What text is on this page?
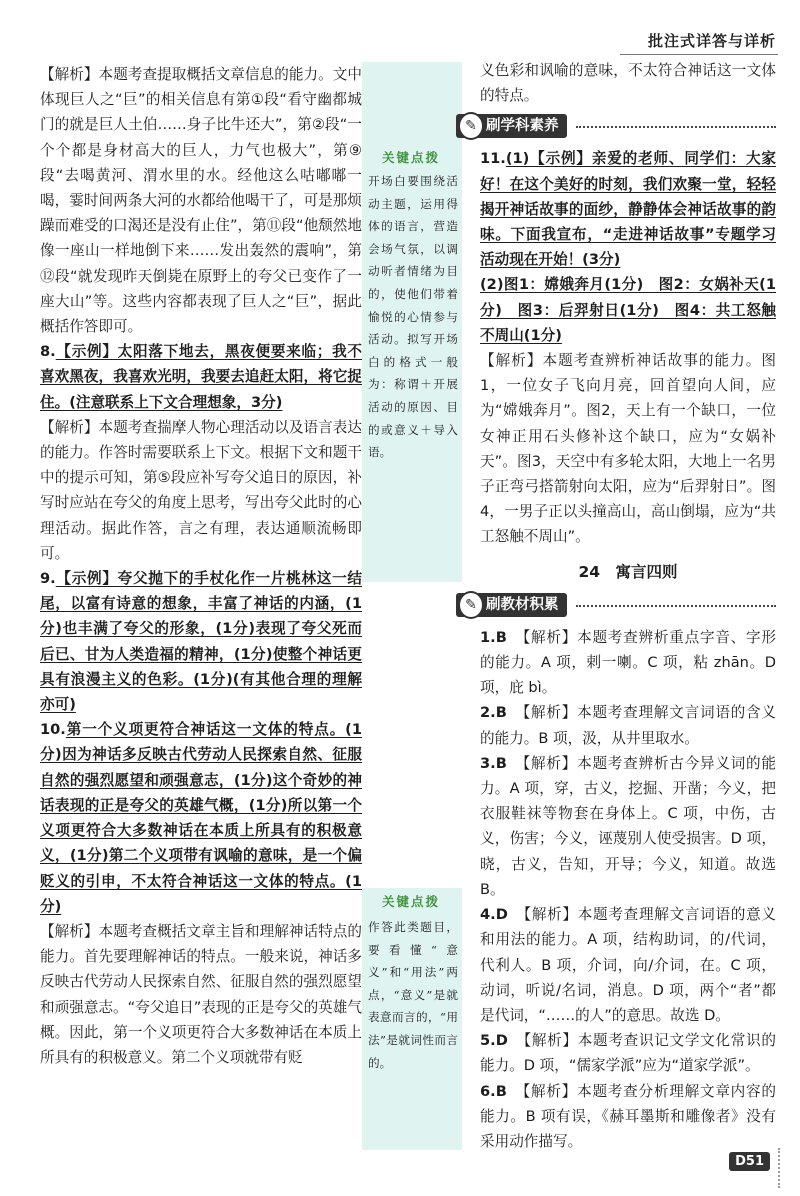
批注式详答与详析
关键点拨
开场白要围绕活动主题，运用得体的语言，营造会场气氛，以调动听者情绪为目的，使他们带着愉悦的心情参与活动。拟写开场白的格式一般为：称谓＋开展活动的原因、目的或意义＋导入语。
关键点拨
作答此类题目，要看懂“意义”和“用法”两点，“意义”是就表意而言的，“用法”是就词性而言的。

【解析】本题考查提取概括文章信息的能力。文中体现巨人之“巨”的相关信息有第①段“看守幽都城门的就是巨人土伯……身子比牛还大”，第②段“一个个都是身材高大的巨人，力气也极大”，第⑨段“去喝黄河、渭水里的水。经他这么咕嘟嘟一喝，霎时间两条大河的水都给他喝干了，可是那烦躁而难受的口渴还是没有止住”，第⑪段“他颓然地像一座山一样地倒下来……发出轰然的震响”，第⑫段“就发现昨天倒毙在原野上的夸父已变作了一座大山”等。这些内容都表现了巨人之“巨”，据此概括作答即可。

8.【示例】太阳落下地去，黑夜便要来临；我不喜欢黑夜，我喜欢光明，我要去追赶太阳，将它捉住。(注意联系上下文合理想象，3分)

【解析】本题考查揣摩人物心理活动以及语言表达的能力。作答时需要联系上下文。根据下文和题干中的提示可知，第⑤段应补写夸父追日的原因，补写时应站在夸父的角度上思考，写出夸父此时的心理活动。据此作答，言之有理，表达通顺流畅即可。

9.【示例】夸父抛下的手杖化作一片桃林这一结尾，以富有诗意的想象，丰富了神话的内涵，(1分)也丰满了夸父的形象，(1分)表现了夸父死而后已、甘为人类造福的精神，(1分)使整个神话更具有浪漫主义的色彩。(1分)(有其他合理的理解亦可)

10.第一个义项更符合神话这一文体的特点。(1分)因为神话多反映古代劳动人民探索自然、征服自然的强烈愿望和顽强意志，(1分)这个奇妙的神话表现的正是夸父的英雄气概，(1分)所以第一个义项更符合大多数神话在本质上所具有的积极意义，(1分)第二个义项带有讽喻的意味，是一个偏贬义的引申，不太符合神话这一文体的特点。(1分)

【解析】本题考查概括文章主旨和理解神话特点的能力。首先要理解神话的特点。一般来说，神话多反映古代劳动人民探索自然、征服自然的强烈愿望和顽强意志。“夸父追日”表现的正是夸父的英雄气概。因此，第一个义项更符合大多数神话在本质上所具有的积极意义。第二个义项就带有贬

义色彩和讽喻的意味，不太符合神话这一文体的特点。

刷学科素养
✎

11.(1)【示例】亲爱的老师、同学们：大家好！在这个美好的时刻，我们欢聚一堂，轻轻揭开神话故事的面纱，静静体会神话故事的韵味。下面我宣布，“走进神话故事”专题学习活动现在开始！(3分)

(2)图1：嫦娥奔月(1分)　图2：女娲补天(1分)　图3：后羿射日(1分)　图4：共工怒触不周山(1分)

【解析】本题考查辨析神话故事的能力。图1，一位女子飞向月亮，回首望向人间，应为“嫦娥奔月”。图2，天上有一个缺口，一位女神正用石头修补这个缺口，应为“女娲补天”。图3，天空中有多轮太阳，大地上一名男子正弯弓搭箭射向太阳，应为“后羿射日”。图4，一男子正以头撞高山，高山倒塌，应为“共工怒触不周山”。

24　寓言四则
刷教材积累
✎

1.B　 【解析】本题考查辨析重点字音、字形的能力。A 项，剌一喇。C 项，粘 zhān。D 项，庇 bì。

2.B　 【解析】本题考查理解文言词语的含义的能力。B 项，汲，从井里取水。

3.B　 【解析】本题考查辨析古今异义词的能力。A 项，穿，古义，挖掘、开凿；今义，把衣服鞋袜等物套在身体上。C 项，中伤，古义，伤害；今义，诬蔑别人使受损害。D 项，晓，古义，告知，开导；今义，知道。故选 B。

4.D　 【解析】本题考查理解文言词语的意义和用法的能力。A 项，结构助词，的/代词，代利人。B 项，介词，向/介词，在。C 项，动词，听说/名词，消息。D 项，两个“者”都是代词，“……的人”的意思。故选 D。

5.D　 【解析】本题考查识记文学文化常识的能力。D 项，“儒家学派”应为“道家学派”。

6.B　 【解析】本题考查分析理解文章内容的能力。B 项有误，《赫耳墨斯和雕像者》没有采用动作描写。

D51
